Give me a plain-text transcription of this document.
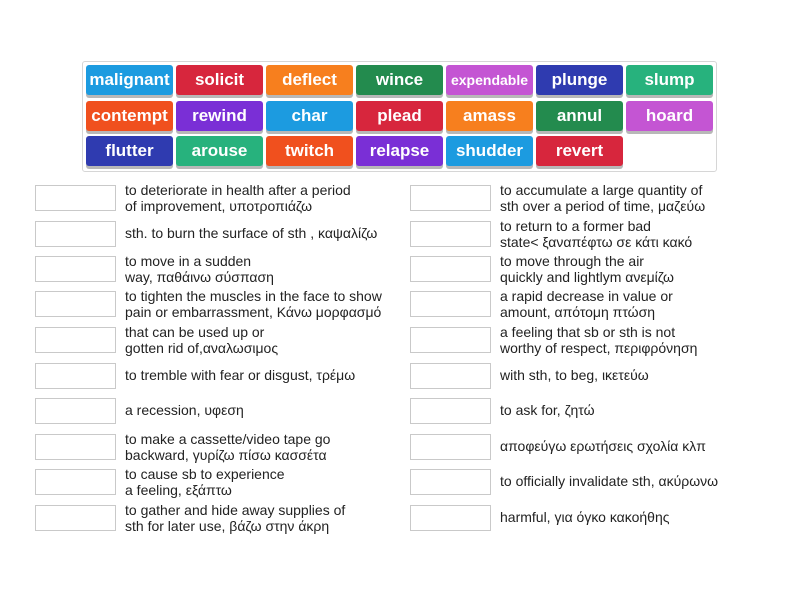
malignant	solicit	deflect	wince	expendable	plunge	slump
contempt	rewind	char	plead	amass	annul	hoard
flutter	arouse	twitch	relapse	shudder	revert
to deteriorate in health after a period
of improvement, υποτροπιάζω
sth. to burn the surface of sth , καψαλίζω
to move in a sudden
way, παθάινω σύσπαση
to tighten the muscles in the face to show
pain or embarrassment, Κάνω μορφασμό
that can be used up or
gotten rid of,αναλωσιμος
to tremble with fear or disgust, τρέμω
a recession, υφεση
to make a cassette/video tape go
backward, γυρίζω πίσω κασσέτα
to cause sb to experience
a feeling, εξάπτω
to gather and hide away supplies of
sth for later use, βάζω στην άκρη
to accumulate a large quantity of
sth over a period of time, μαζεύω
to return to a former bad
state< ξαναπέφτω σε κάτι κακό
to move through the air
quickly and lightlym ανεμίζω
a rapid decrease in value or
amount, απότομη πτώση
a feeling that sb or sth is not
worthy of respect, περιφρόνηση
with sth, to beg, ικετεύω
to ask for, ζητώ
αποφεύγω ερωτήσεις σχολία κλπ
to officially invalidate sth, ακύρωνω
harmful, για όγκο κακοήθης
